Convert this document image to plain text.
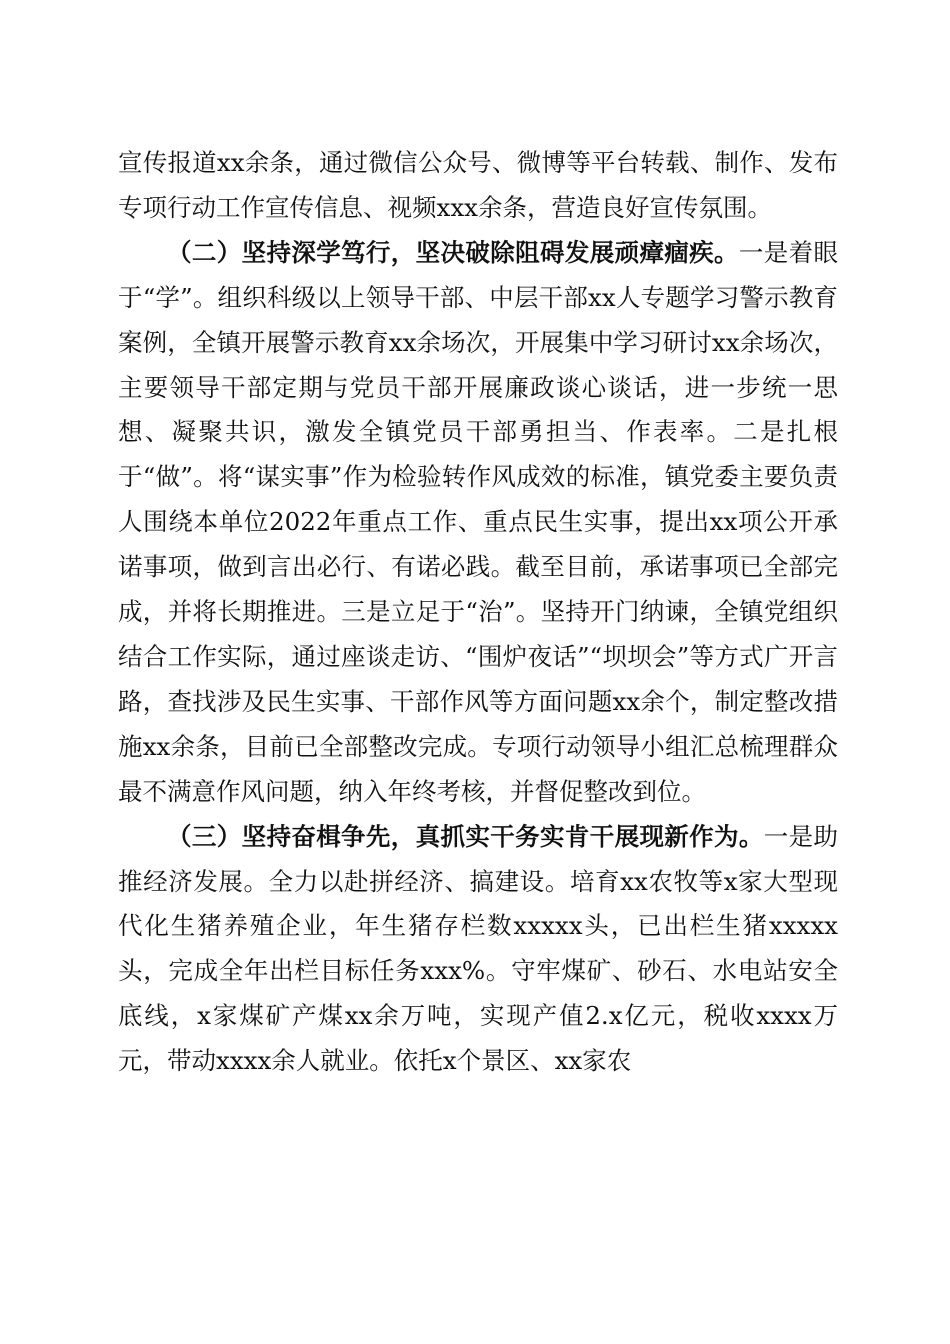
宣传报道xx余条，通过微信公众号、微博等平台转载、制作、发布专项行动工作宣传信息、视频xxx余条，营造良好宣传氛围。

（二）坚持深学笃行，坚决破除阻碍发展顽瘴痼疾。一是着眼于“学”。组织科级以上领导干部、中层干部xx人专题学习警示教育案例，全镇开展警示教育xx余场次，开展集中学习研讨xx余场次，主要领导干部定期与党员干部开展廉政谈心谈话，进一步统一思想、凝聚共识，激发全镇党员干部勇担当、作表率。二是扎根于“做”。将“谋实事”作为检验转作风成效的标准，镇党委主要负责人围绕本单位2022年重点工作、重点民生实事，提出xx项公开承诺事项，做到言出必行、有诺必践。截至目前，承诺事项已全部完成，并将长期推进。三是立足于“治”。坚持开门纳谏，全镇党组织结合工作实际，通过座谈走访、“围炉夜话”“坝坝会”等方式广开言路，查找涉及民生实事、干部作风等方面问题xx余个，制定整改措施xx余条，目前已全部整改完成。专项行动领导小组汇总梳理群众最不满意作风问题，纳入年终考核，并督促整改到位。

（三）坚持奋楫争先，真抓实干务实肯干展现新作为。一是助推经济发展。全力以赴拼经济、搞建设。培育xx农牧等x家大型现代化生猪养殖企业，年生猪存栏数xxxxx头，已出栏生猪xxxxx头，完成全年出栏目标任务xxx%。守牢煤矿、砂石、水电站安全底线，x家煤矿产煤xx余万吨，实现产值2.x亿元，税收xxxx万元，带动xxxx余人就业。依托x个景区、xx家农
